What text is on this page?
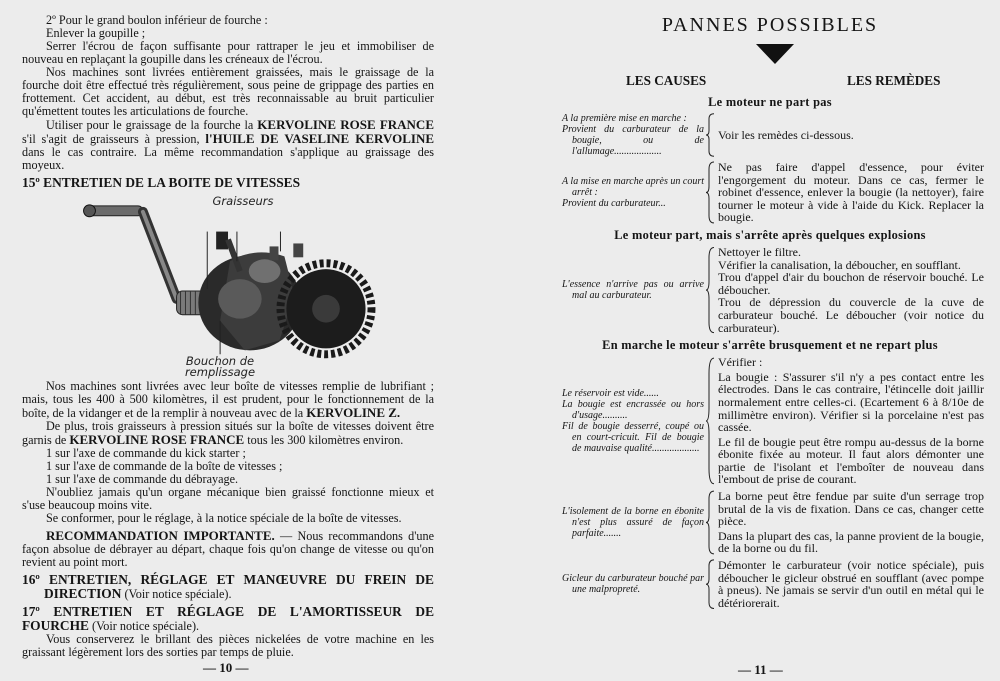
2º Pour le grand boulon inférieur de fourche :

Enlever la goupille ;

Serrer l'écrou de façon suffisante pour rattraper le jeu et immobiliser de nouveau en replaçant la goupille dans les créneaux de l'écrou.

Nos machines sont livrées entièrement graissées, mais le graissage de la fourche doit être effectué très régulièrement, sous peine de grippage des parties en frottement. Cet accident, au début, est très reconnaissable au bruit particulier qu'émettent toutes les articulations de fourche.

Utiliser pour le graissage de la fourche la KERVOLINE ROSE FRANCE s'il s'agit de graisseurs à pression, l'HUILE DE VASELINE KERVOLINE dans le cas contraire. La même recommandation s'applique au graissage des moyeux.

15º ENTRETIEN DE LA BOITE DE VITESSES

Graisseurs
Bouchon de
remplissage

Nos machines sont livrées avec leur boîte de vitesses remplie de lubrifiant ; mais, tous les 400 à 500 kilomètres, il est prudent, pour le fonctionnement de la boîte, de la vidanger et de la remplir à nouveau avec de la KERVOLINE Z.

De plus, trois graisseurs à pression situés sur la boîte de vitesses doivent être garnis de KERVOLINE ROSE FRANCE tous les 300 kilomètres environ.

1 sur l'axe de commande du kick starter ;

1 sur l'axe de commande de la boîte de vitesses ;

1 sur l'axe de commande du débrayage.

N'oubliez jamais qu'un organe mécanique bien graissé fonctionne mieux et s'use beaucoup moins vite.

Se conformer, pour le réglage, à la notice spéciale de la boîte de vitesses.

RECOMMANDATION IMPORTANTE. — Nous recommandons d'une façon absolue de débrayer au départ, chaque fois qu'on change de vitesse ou qu'on revient au point mort.

16º ENTRETIEN, RÉGLAGE ET MANŒUVRE DU FREIN DE DIRECTION (Voir notice spéciale).

17º ENTRETIEN ET RÉGLAGE DE L'AMORTISSEUR DE FOURCHE (Voir notice spéciale).

Vous conserverez le brillant des pièces nickelées de votre machine en les graissant légèrement lors des sorties par temps de pluie.

— 10 —
PANNES POSSIBLES
LES CAUSES	LES REMÈDES
Le moteur ne part pas

A la première mise en marche :

Provient du carburateur de la bougie, ou de l'allumage...................

Voir les remèdes ci-dessous.

A la mise en marche après un court arrêt :

Provient du carburateur...

Ne pas faire d'appel d'essence, pour éviter l'engorgement du moteur. Dans ce cas, fermer le robinet d'essence, enlever la bougie (la nettoyer), faire tourner le moteur à vide à l'aide du Kick. Replacer la bougie.

Le moteur part, mais s'arrête après quelques explosions

L'essence n'arrive pas ou arrive mal au carburateur.

Nettoyer le filtre.

Vérifier la canalisation, la déboucher, en soufflant.

Trou d'appel d'air du bouchon de réservoir bouché. Le déboucher.

Trou de dépression du couvercle de la cuve de carburateur bouché. Le déboucher (voir notice du carburateur).

En marche le moteur s'arrête brusquement et ne repart plus

Le réservoir est vide......

La bougie est encrassée ou hors d'usage..........

Fil de bougie desserré, coupé ou en court-cricuit. Fil de bougie de mauvaise qualité...................

Vérifier :

La bougie : S'assurer s'il n'y a pes contact entre les électrodes. Dans le cas contraire, l'étincelle doit jaillir normalement entre celles-ci. (Ecartement 6 à 8/10e de millimètre environ). Vérifier si la porcelaine n'est pas cassée.

Le fil de bougie peut être rompu au-dessus de la borne ébonite fixée au moteur. Il faut alors démonter une partie de l'isolant et l'emboîter de nouveau dans l'embout de prise de courant.

L'isolement de la borne en ébonite n'est plus assuré de façon parfaite.......

La borne peut être fendue par suite d'un serrage trop brutal de la vis de fixation. Dans ce cas, changer cette pièce.

Dans la plupart des cas, la panne provient de la bougie, de la borne ou du fil.

Gicleur du carburateur bouché par une malpropreté.

Démonter le carburateur (voir notice spéciale), puis déboucher le gicleur obstrué en soufflant (avec pompe à pneus). Ne jamais se servir d'un outil en métal qui le détériorerait.

— 11 —
